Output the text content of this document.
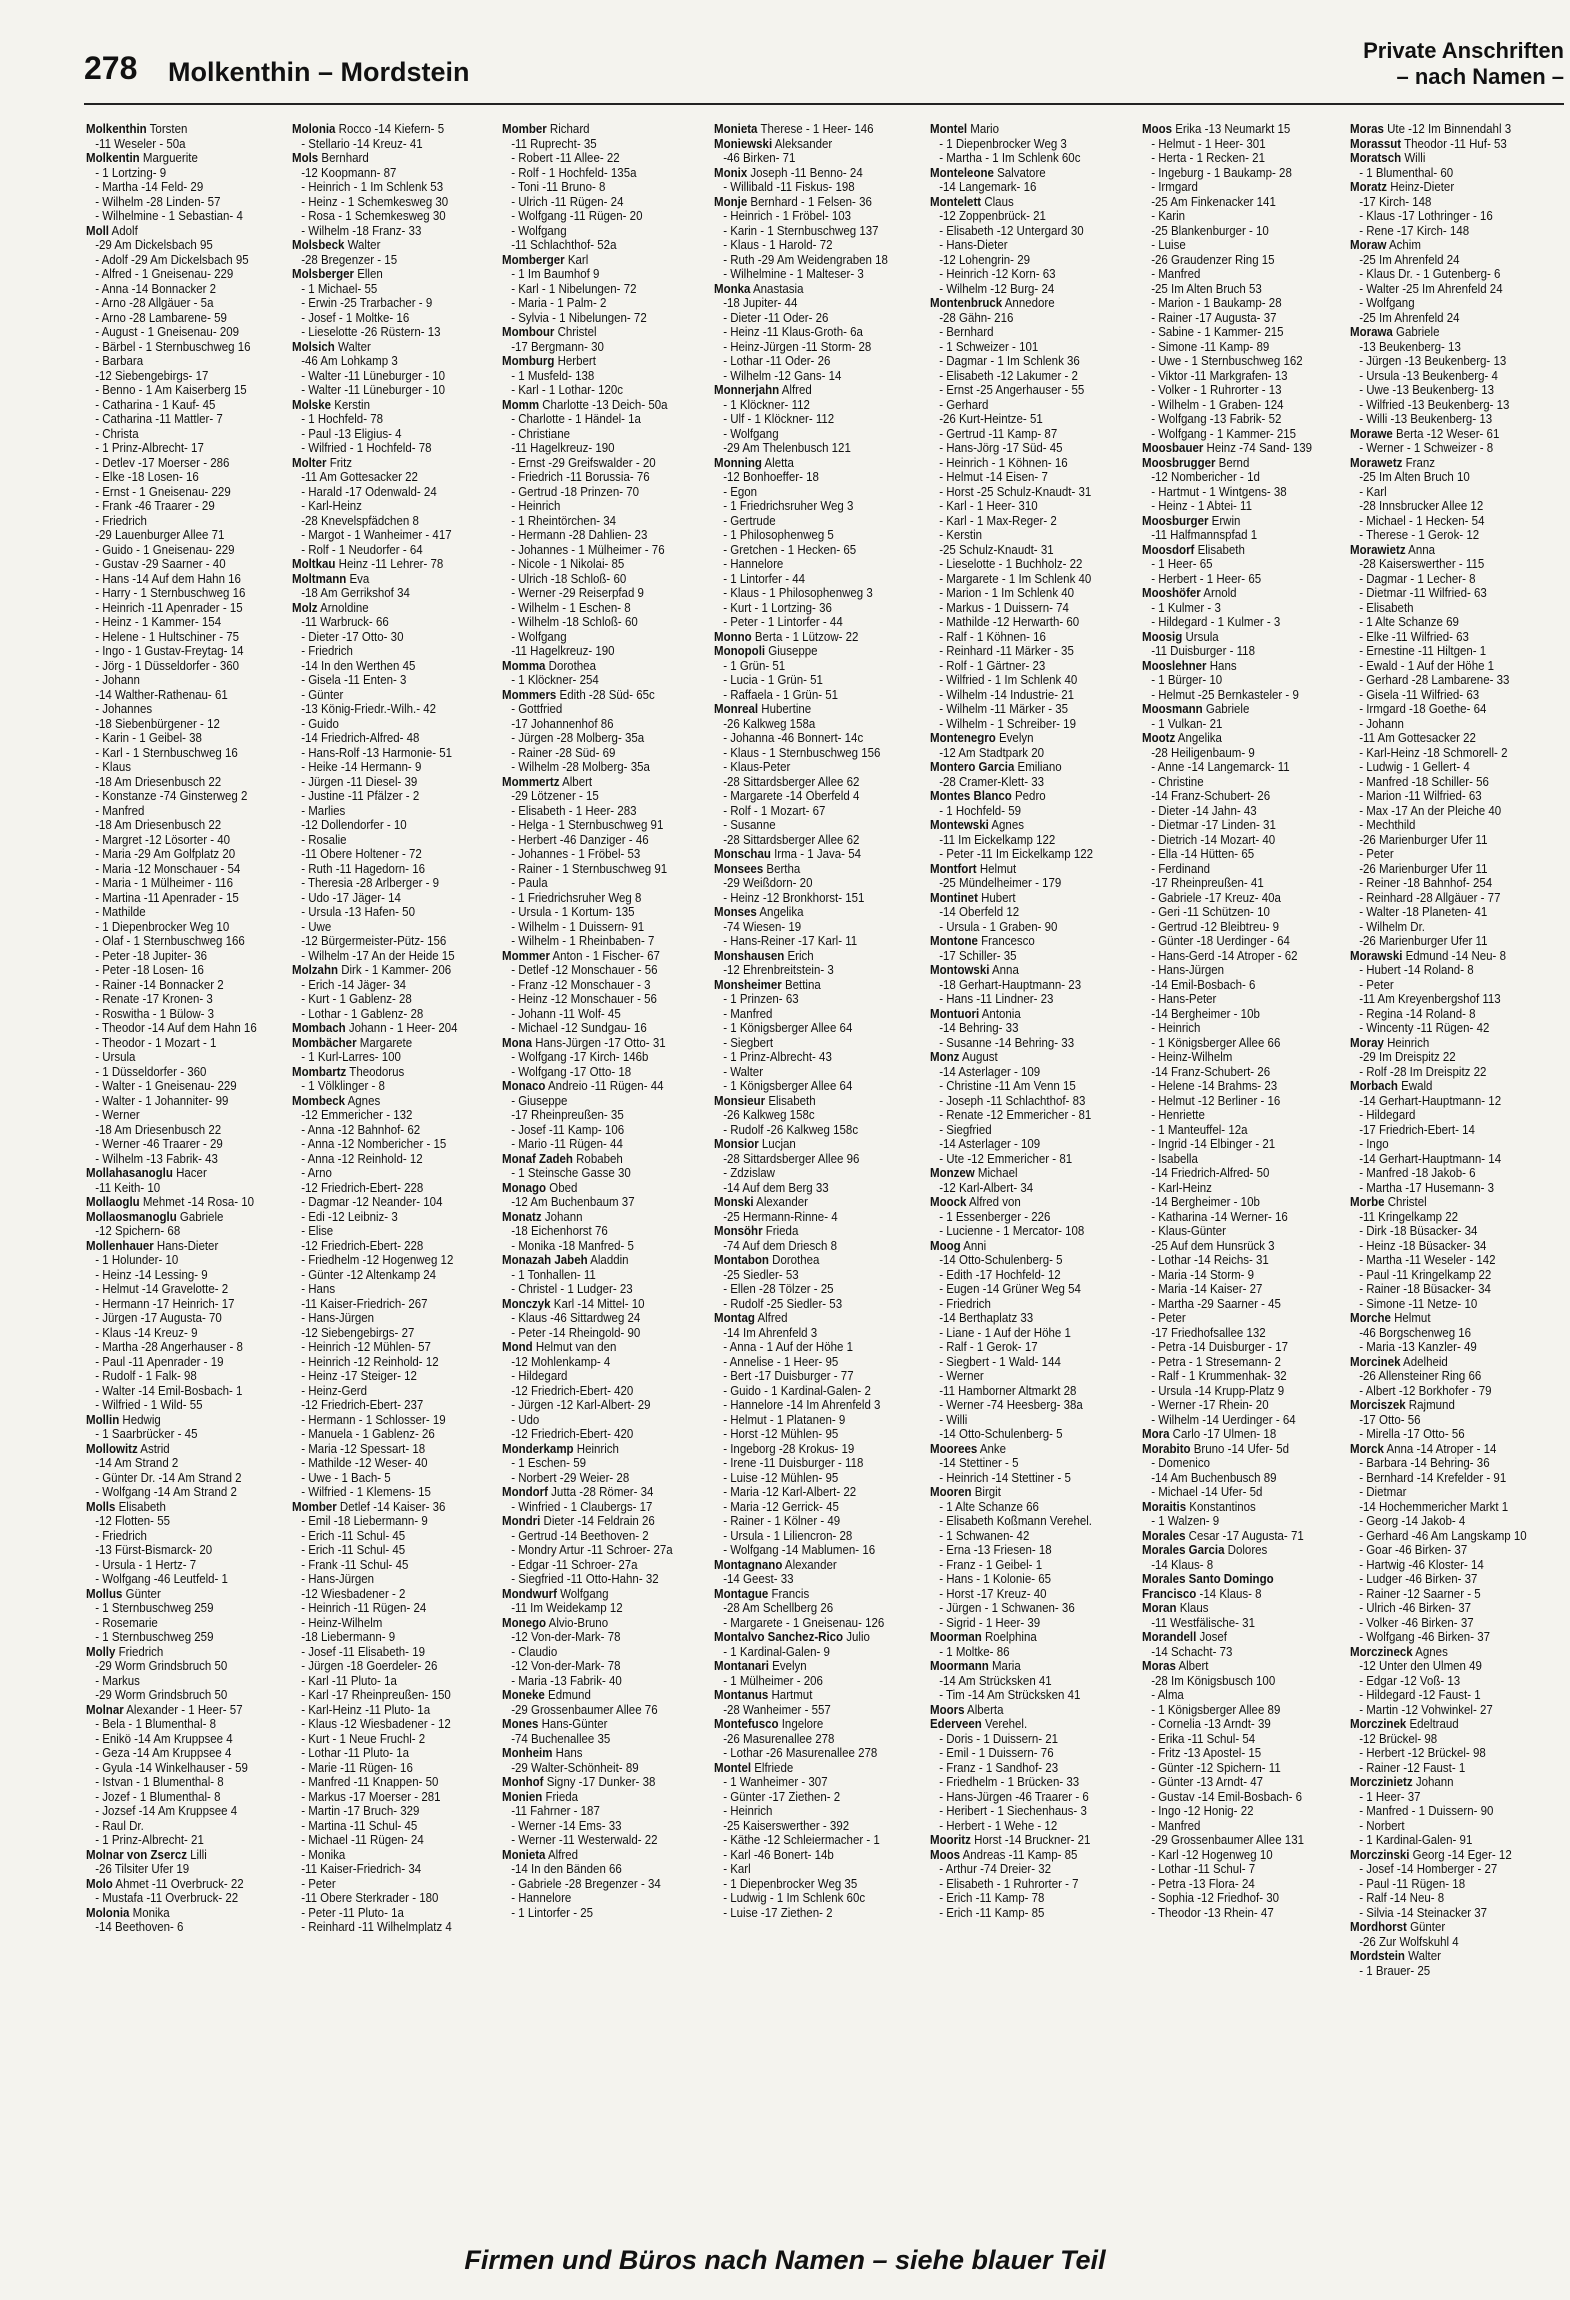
278 Molkenthin – Mordstein
Private Anschriften
– nach Namen –
Molkenthin Torsten
-11 Weseler - 50a
Molkentin Marguerite
- 1 Lortzing- 9
- Martha -14 Feld- 29
- Wilhelm -28 Linden- 57
- Wilhelmine - 1 Sebastian- 4
Moll Adolf
-29 Am Dickelsbach 95
- Adolf -29 Am Dickelsbach 95
- Alfred - 1 Gneisenau- 229
- Anna -14 Bonnacker 2
- Arno -28 Allgäuer - 5a
- Arno -28 Lambarene- 59
- August - 1 Gneisenau- 209
- Bärbel - 1 Sternbuschweg 16
- Barbara
-12 Siebengebirgs- 17
- Benno - 1 Am Kaiserberg 15
- Catharina - 1 Kauf- 45
- Catharina -11 Mattler- 7
- Christa
- 1 Prinz-Albrecht- 17
- Detlev -17 Moerser - 286
- Elke -18 Losen- 16
- Ernst - 1 Gneisenau- 229
- Frank -46 Traarer - 29
- Friedrich
-29 Lauenburger Allee 71
- Guido - 1 Gneisenau- 229
- Gustav -29 Saarner - 40
- Hans -14 Auf dem Hahn 16
- Harry - 1 Sternbuschweg 16
- Heinrich -11 Apenrader - 15
- Heinz - 1 Kammer- 154
- Helene - 1 Hultschiner - 75
- Ingo - 1 Gustav-Freytag- 14
- Jörg - 1 Düsseldorfer - 360
- Johann
-14 Walther-Rathenau- 61
- Johannes
-18 Siebenbürgener - 12
- Karin - 1 Geibel- 38
- Karl - 1 Sternbuschweg 16
- Klaus
-18 Am Driesenbusch 22
- Konstanze -74 Ginsterweg 2
- Manfred
-18 Am Driesenbusch 22
- Margret -12 Lösorter - 40
- Maria -29 Am Golfplatz 20
- Maria -12 Monschauer - 54
- Maria - 1 Mülheimer - 116
- Martina -11 Apenrader - 15
- Mathilde
- 1 Diepenbrocker Weg 10
- Olaf - 1 Sternbuschweg 166
- Peter -18 Jupiter- 36
- Peter -18 Losen- 16
- Rainer -14 Bonnacker 2
- Renate -17 Kronen- 3
- Roswitha - 1 Bülow- 3
- Theodor -14 Auf dem Hahn 16
- Theodor - 1 Mozart - 1
- Ursula
- 1 Düsseldorfer - 360
- Walter - 1 Gneisenau- 229
- Walter - 1 Johanniter- 99
- Werner
-18 Am Driesenbusch 22
- Werner -46 Traarer - 29
- Wilhelm -13 Fabrik- 43
Mollahasanoglu Hacer
-11 Keith- 10
Mollaoglu Mehmet -14 Rosa- 10
Mollaosmanoglu Gabriele
-12 Spichern- 68
Mollenhauer Hans-Dieter
- 1 Holunder- 10
- Heinz -14 Lessing- 9
- Helmut -14 Gravelotte- 2
- Hermann -17 Heinrich- 17
- Jürgen -17 Augusta- 70
- Klaus -14 Kreuz- 9
- Martha -28 Angerhauser - 8
- Paul -11 Apenrader - 19
- Rudolf - 1 Falk- 98
- Walter -14 Emil-Bosbach- 1
- Wilfried - 1 Wild- 55
Mollin Hedwig
- 1 Saarbrücker - 45
Mollowitz Astrid
-14 Am Strand 2
- Günter Dr. -14 Am Strand 2
- Wolfgang -14 Am Strand 2
Molls Elisabeth
-12 Flotten- 55
- Friedrich
-13 Fürst-Bismarck- 20
- Ursula - 1 Hertz- 7
- Wolfgang -46 Leutfeld- 1
Mollus Günter
- 1 Sternbuschweg 259
- Rosemarie
- 1 Sternbuschweg 259
Molly Friedrich
-29 Worm Grindsbruch 50
- Markus
-29 Worm Grindsbruch 50
Molnar Alexander - 1 Heer- 57
- Bela - 1 Blumenthal- 8
- Enikö -14 Am Kruppsee 4
- Geza -14 Am Kruppsee 4
- Gyula -14 Winkelhauser - 59
- Istvan - 1 Blumenthal- 8
- Jozef - 1 Blumenthal- 8
- Jozsef -14 Am Kruppsee 4
- Raul Dr.
- 1 Prinz-Albrecht- 21
Molnar von Zsercz Lilli
-26 Tilsiter Ufer 19
Molo Ahmet -11 Overbruck- 22
- Mustafa -11 Overbruck- 22
Molonia Monika
-14 Beethoven- 6
Molonia Rocco -14 Kiefern- 5
- Stellario -14 Kreuz- 41
Mols Bernhard
-12 Koopmann- 87
- Heinrich - 1 Im Schlenk 53
- Heinz - 1 Schemkesweg 30
- Rosa - 1 Schemkesweg 30
- Wilhelm -18 Franz- 33
Molsbeck Walter
-28 Bregenzer - 15
Molsberger Ellen
- 1 Michael- 55
- Erwin -25 Trarbacher - 9
- Josef - 1 Moltke- 16
- Lieselotte -26 Rüstern- 13
Molsich Walter
-46 Am Lohkamp 3
- Walter -11 Lüneburger - 10
- Walter -11 Lüneburger - 10
Molske Kerstin
- 1 Hochfeld- 78
- Paul -13 Eligius- 4
- Wilfried - 1 Hochfeld- 78
Molter Fritz
-11 Am Gottesacker 22
- Harald -17 Odenwald- 24
- Karl-Heinz
-28 Knevelspfädchen 8
- Margot - 1 Wanheimer - 417
- Rolf - 1 Neudorfer - 64
Moltkau Heinz -11 Lehrer- 78
Moltmann Eva
-18 Am Gerrikshof 34
Molz Arnoldine
-11 Warbruck- 66
- Dieter -17 Otto- 30
- Friedrich
-14 In den Werthen 45
- Gisela -11 Enten- 3
- Günter
-13 König-Friedr.-Wilh.- 42
- Guido
-14 Friedrich-Alfred- 48
- Hans-Rolf -13 Harmonie- 51
- Heike -14 Hermann- 9
- Jürgen -11 Diesel- 39
- Justine -11 Pfälzer - 2
- Marlies
-12 Dollendorfer - 10
- Rosalie
-11 Obere Holtener - 72
- Ruth -11 Hagedorn- 16
- Theresia -28 Arlberger - 9
- Udo -17 Jäger- 14
- Ursula -13 Hafen- 50
- Uwe
-12 Bürgermeister-Pütz- 156
- Wilhelm -17 An der Heide 15
Molzahn Dirk - 1 Kammer- 206
- Erich -14 Jäger- 34
- Kurt - 1 Gablenz- 28
- Lothar - 1 Gablenz- 28
Mombach Johann - 1 Heer- 204
Mombächer Margarete
- 1 Kurl-Larres- 100
Mombartz Theodorus
- 1 Völklinger - 8
Mombeck Agnes
-12 Emmericher - 132
- Anna -12 Bahnhof- 62
- Anna -12 Nombericher - 15
- Anna -12 Reinhold- 12
- Arno
-12 Friedrich-Ebert- 228
- Dagmar -12 Neander- 104
- Edi -12 Leibniz- 3
- Elise
-12 Friedrich-Ebert- 228
- Friedhelm -12 Hogenweg 12
- Günter -12 Altenkamp 24
- Hans
-11 Kaiser-Friedrich- 267
- Hans-Jürgen
-12 Siebengebirgs- 27
- Heinrich -12 Mühlen- 57
- Heinrich -12 Reinhold- 12
- Heinz -17 Steiger- 12
- Heinz-Gerd
-12 Friedrich-Ebert- 237
- Hermann - 1 Schlosser- 19
- Manuela - 1 Gablenz- 26
- Maria -12 Spessart- 18
- Mathilde -12 Weser- 40
- Uwe - 1 Bach- 5
- Wilfried - 1 Klemens- 15
Momber Detlef -14 Kaiser- 36
- Emil -18 Liebermann- 9
- Erich -11 Schul- 45
- Erich -11 Schul- 45
- Frank -11 Schul- 45
- Hans-Jürgen
-12 Wiesbadener - 2
- Heinrich -11 Rügen- 24
- Heinz-Wilhelm
-18 Liebermann- 9
- Josef -11 Elisabeth- 19
- Jürgen -18 Goerdeler- 26
- Karl -11 Pluto- 1a
- Karl -17 Rheinpreußen- 150
- Karl-Heinz -11 Pluto- 1a
- Klaus -12 Wiesbadener - 12
- Kurt - 1 Neue Fruchl- 2
- Lothar -11 Pluto- 1a
- Marie -11 Rügen- 16
- Manfred -11 Knappen- 50
- Markus -17 Moerser - 281
- Martin -17 Bruch- 329
- Martina -11 Schul- 45
- Michael -11 Rügen- 24
- Monika
-11 Kaiser-Friedrich- 34
- Peter
-11 Obere Sterkrader - 180
- Peter -11 Pluto- 1a
- Reinhard -11 Wilhelmplatz 4
Momber Richard
-11 Ruprecht- 35
- Robert -11 Allee- 22
- Rolf - 1 Hochfeld- 135a
- Toni -11 Bruno- 8
- Ulrich -11 Rügen- 24
- Wolfgang -11 Rügen- 20
- Wolfgang
-11 Schlachthof- 52a
Momberger Karl
- 1 Im Baumhof 9
- Karl - 1 Nibelungen- 72
- Maria - 1 Palm- 2
- Sylvia - 1 Nibelungen- 72
Mombour Christel
-17 Bergmann- 30
Momburg Herbert
- 1 Musfeld- 138
- Karl - 1 Lothar- 120c
Momm Charlotte -13 Deich- 50a
- Charlotte - 1 Händel- 1a
- Christiane
-11 Hagelkreuz- 190
- Ernst -29 Greifswalder - 20
- Friedrich -11 Borussia- 76
- Gertrud -18 Prinzen- 70
- Heinrich
- 1 Rheintörchen- 34
- Hermann -28 Dahlien- 23
- Johannes - 1 Mülheimer - 76
- Nicole - 1 Nikolai- 85
- Ulrich -18 Schloß- 60
- Werner -29 Reiserpfad 9
- Wilhelm - 1 Eschen- 8
- Wilhelm -18 Schloß- 60
- Wolfgang
-11 Hagelkreuz- 190
Momma Dorothea
- 1 Klöckner- 254
Mommers Edith -28 Süd- 65c
- Gottfried
-17 Johannenhof 86
- Jürgen -28 Molberg- 35a
- Rainer -28 Süd- 69
- Wilhelm -28 Molberg- 35a
Mommertz Albert
-29 Lötzener - 15
- Elisabeth - 1 Heer- 283
- Helga - 1 Sternbuschweg 91
- Herbert -46 Danziger - 46
- Johannes - 1 Fröbel- 53
- Rainer - 1 Sternbuschweg 91
- Paula
- 1 Friedrichsruher Weg 8
- Ursula - 1 Kortum- 135
- Wilhelm - 1 Duissern- 91
- Wilhelm - 1 Rheinbaben- 7
Mommer Anton - 1 Fischer- 67
- Detlef -12 Monschauer - 56
- Franz -12 Monschauer - 3
- Heinz -12 Monschauer - 56
- Johann -11 Wolf- 45
- Michael -12 Sundgau- 16
Mona Hans-Jürgen -17 Otto- 31
- Wolfgang -17 Kirch- 146b
- Wolfgang -17 Otto- 18
Monaco Andreio -11 Rügen- 44
- Giuseppe
-17 Rheinpreußen- 35
- Josef -11 Kamp- 106
- Mario -11 Rügen- 44
Monaf Zadeh Robabeh
- 1 Steinsche Gasse 30
Monago Obed
-12 Am Buchenbaum 37
Monatz Johann
-18 Eichenhorst 76
- Monika -18 Manfred- 5
Monazah Jabeh Aladdin
- 1 Tonhallen- 11
- Christel - 1 Ludger- 23
Monczyk Karl -14 Mittel- 10
- Klaus -46 Sittardweg 24
- Peter -14 Rheingold- 90
Mond Helmut van den
-12 Mohlenkamp- 4
- Hildegard
-12 Friedrich-Ebert- 420
- Jürgen -12 Karl-Albert- 29
- Udo
-12 Friedrich-Ebert- 420
Monderkamp Heinrich
- 1 Eschen- 59
- Norbert -29 Weier- 28
Mondorf Jutta -28 Römer- 34
- Winfried - 1 Claubergs- 17
Mondri Dieter -14 Feldrain 26
- Gertrud -14 Beethoven- 2
- Mondry Artur -11 Schroer- 27a
- Edgar -11 Schroer- 27a
- Siegfried -11 Otto-Hahn- 32
Mondwurf Wolfgang
-11 Im Weidekamp 12
Monego Alvio-Bruno
-12 Von-der-Mark- 78
- Claudio
-12 Von-der-Mark- 78
- Maria -13 Fabrik- 40
Moneke Edmund
-29 Grossenbaumer Allee 76
Mones Hans-Günter
-74 Buchenallee 35
Monheim Hans
-29 Walter-Schönheit- 89
Monhof Signy -17 Dunker- 38
Monien Frieda
-11 Fahrner - 187
- Werner -14 Ems- 33
- Werner -11 Westerwald- 22
Monieta Alfred
-14 In den Bänden 66
- Gabriele -28 Bregenzer - 34
- Hannelore
- 1 Lintorfer - 25
Monieta Therese - 1 Heer- 146
Moniewski Aleksander
-46 Birken- 71
Monix Joseph -11 Benno- 24
- Willibald -11 Fiskus- 198
Monje Bernhard - 1 Felsen- 36
- Heinrich - 1 Fröbel- 103
- Karin - 1 Sternbuschweg 137
- Klaus - 1 Harold- 72
- Ruth -29 Am Weidengraben 18
- Wilhelmine - 1 Malteser- 3
Monka Anastasia
-18 Jupiter- 44
- Dieter -11 Oder- 26
- Heinz -11 Klaus-Groth- 6a
- Heinz-Jürgen -11 Storm- 28
- Lothar -11 Oder- 26
- Wilhelm -12 Gans- 14
Monnerjahn Alfred
- 1 Klöckner- 112
- Ulf - 1 Klöckner- 112
- Wolfgang
-29 Am Thelenbusch 121
Monning Aletta
-12 Bonhoeffer- 18
- Egon
- 1 Friedrichsruher Weg 3
- Gertrude
- 1 Philosophenweg 5
- Gretchen - 1 Hecken- 65
- Hannelore
- 1 Lintorfer - 44
- Klaus - 1 Philosophenweg 3
- Kurt - 1 Lortzing- 36
- Peter - 1 Lintorfer - 44
Monno Berta - 1 Lützow- 22
Monopoli Giuseppe
- 1 Grün- 51
- Lucia - 1 Grün- 51
- Raffaela - 1 Grün- 51
Monreal Hubertine
-26 Kalkweg 158a
- Johanna -46 Bonnert- 14c
- Klaus - 1 Sternbuschweg 156
- Klaus-Peter
-28 Sittardsberger Allee 62
- Margarete -14 Oberfeld 4
- Rolf - 1 Mozart- 67
- Susanne
-28 Sittardsberger Allee 62
Monschau Irma - 1 Java- 54
Monsees Bertha
-29 Weißdorn- 20
- Heinz -12 Bronkhorst- 151
Monses Angelika
-74 Wiesen- 19
- Hans-Reiner -17 Karl- 11
Monshausen Erich
-12 Ehrenbreitstein- 3
Monsheimer Bettina
- 1 Prinzen- 63
- Manfred
- 1 Königsberger Allee 64
- Siegbert
- 1 Prinz-Albrecht- 43
- Walter
- 1 Königsberger Allee 64
Monsieur Elisabeth
-26 Kalkweg 158c
- Rudolf -26 Kalkweg 158c
Monsior Lucjan
-28 Sittardsberger Allee 96
- Zdzislaw
-14 Auf dem Berg 33
Monski Alexander
-25 Hermann-Rinne- 4
Monsöhr Frieda
-74 Auf dem Driesch 8
Montabon Dorothea
-25 Siedler- 53
- Ellen -28 Tölzer - 25
- Rudolf -25 Siedler- 53
Montag Alfred
-14 Im Ahrenfeld 3
- Anna - 1 Auf der Höhe 1
- Annelise - 1 Heer- 95
- Bert -17 Duisburger - 77
- Guido - 1 Kardinal-Galen- 2
- Hannelore -14 Im Ahrenfeld 3
- Helmut - 1 Platanen- 9
- Horst -12 Mühlen- 95
- Ingeborg -28 Krokus- 19
- Irene -11 Duisburger - 118
- Luise -12 Mühlen- 95
- Maria -12 Karl-Albert- 22
- Maria -12 Gerrick- 45
- Rainer - 1 Kölner - 49
- Ursula - 1 Liliencron- 28
- Wolfgang -14 Mablumen- 16
Montagnano Alexander
-14 Geest- 33
Montague Francis
-28 Am Schellberg 26
- Margarete - 1 Gneisenau- 126
Montalvo Sanchez-Rico Julio
- 1 Kardinal-Galen- 9
Montanari Evelyn
- 1 Mülheimer - 206
Montanus Hartmut
-28 Wanheimer - 557
Montefusco Ingelore
-26 Masurenallee 278
- Lothar -26 Masurenallee 278
Montel Elfriede
- 1 Wanheimer - 307
- Günter -17 Ziethen- 2
- Heinrich
-25 Kaiserswerther - 392
- Käthe -12 Schleiermacher - 1
- Karl -46 Bonert- 14b
- Karl
- 1 Diepenbrocker Weg 35
- Ludwig - 1 Im Schlenk 60c
- Luise -17 Ziethen- 2
Montel Mario
- 1 Diepenbrocker Weg 3
- Martha - 1 Im Schlenk 60c
Monteleone Salvatore
-14 Langemark- 16
Montelett Claus
-12 Zoppenbrück- 21
- Elisabeth -12 Untergard 30
- Hans-Dieter
-12 Lohengrin- 29
- Heinrich -12 Korn- 63
- Wilhelm -12 Burg- 24
Montenbruck Annedore
-28 Gähn- 216
- Bernhard
- 1 Schweizer - 101
- Dagmar - 1 Im Schlenk 36
- Elisabeth -12 Lakumer - 2
- Ernst -25 Angerhauser - 55
- Gerhard
-26 Kurt-Heintze- 51
- Gertrud -11 Kamp- 87
- Hans-Jörg -17 Süd- 45
- Heinrich - 1 Köhnen- 16
- Helmut -14 Eisen- 7
- Horst -25 Schulz-Knaudt- 31
- Karl - 1 Heer- 310
- Karl - 1 Max-Reger- 2
- Kerstin
-25 Schulz-Knaudt- 31
- Lieselotte - 1 Buchholz- 22
- Margarete - 1 Im Schlenk 40
- Marion - 1 Im Schlenk 40
- Markus - 1 Duissern- 74
- Mathilde -12 Herwarth- 60
- Ralf - 1 Köhnen- 16
- Reinhard -11 Märker - 35
- Rolf - 1 Gärtner- 23
- Wilfried - 1 Im Schlenk 40
- Wilhelm -14 Industrie- 21
- Wilhelm -11 Märker - 35
- Wilhelm - 1 Schreiber- 19
Montenegro Evelyn
-12 Am Stadtpark 20
Montero Garcia Emiliano
-28 Cramer-Klett- 33
Montes Blanco Pedro
- 1 Hochfeld- 59
Montewski Agnes
-11 Im Eickelkamp 122
- Peter -11 Im Eickelkamp 122
Montfort Helmut
-25 Mündelheimer - 179
Montinet Hubert
-14 Oberfeld 12
- Ursula - 1 Graben- 90
Montone Francesco
-17 Schiller- 35
Montowski Anna
-18 Gerhart-Hauptmann- 23
- Hans -11 Lindner- 23
Montuori Antonia
-14 Behring- 33
- Susanne -14 Behring- 33
Monz August
-14 Asterlager - 109
- Christine -11 Am Venn 15
- Joseph -11 Schlachthof- 83
- Renate -12 Emmericher - 81
- Siegfried
-14 Asterlager - 109
- Ute -12 Emmericher - 81
Monzew Michael
-12 Karl-Albert- 34
Moock Alfred von
- 1 Essenberger - 226
- Lucienne - 1 Mercator- 108
Moog Anni
-14 Otto-Schulenberg- 5
- Edith -17 Hochfeld- 12
- Eugen -14 Grüner Weg 54
- Friedrich
-14 Berthaplatz 33
- Liane - 1 Auf der Höhe 1
- Ralf - 1 Gerok- 17
- Siegbert - 1 Wald- 144
- Werner
-11 Hamborner Altmarkt 28
- Werner -74 Heesberg- 38a
- Willi
-14 Otto-Schulenberg- 5
Moorees Anke
-14 Stettiner - 5
- Heinrich -14 Stettiner - 5
Mooren Birgit
- 1 Alte Schanze 66
- Elisabeth Koßmann Verehel.
- 1 Schwanen- 42
- Erna -13 Friesen- 18
- Franz - 1 Geibel- 1
- Hans - 1 Kolonie- 65
- Horst -17 Kreuz- 40
- Jürgen - 1 Schwanen- 36
- Sigrid - 1 Heer- 39
Moorman Roelphina
- 1 Moltke- 86
Moormann Maria
-14 Am Strücksken 41
- Tim -14 Am Strücksken 41
Moors Alberta
Ederveen Verehel.
- Doris - 1 Duissern- 21
- Emil - 1 Duissern- 76
- Franz - 1 Sandhof- 23
- Friedhelm - 1 Brücken- 33
- Hans-Jürgen -46 Traarer - 6
- Heribert - 1 Siechenhaus- 3
- Herbert - 1 Wehe - 12
Mooritz Horst -14 Bruckner- 21
Moos Andreas -11 Kamp- 85
- Arthur -74 Dreier- 32
- Elisabeth - 1 Ruhrorter - 7
- Erich -11 Kamp- 78
- Erich -11 Kamp- 85
Moos Erika -13 Neumarkt 15
- Helmut - 1 Heer- 301
- Herta - 1 Recken- 21
- Ingeburg - 1 Baukamp- 28
- Irmgard
-25 Am Finkenacker 141
- Karin
-25 Blankenburger - 10
- Luise
-26 Graudenzer Ring 15
- Manfred
-25 Im Alten Bruch 53
- Marion - 1 Baukamp- 28
- Rainer -17 Augusta- 37
- Sabine - 1 Kammer- 215
- Simone -11 Kamp- 89
- Uwe - 1 Sternbuschweg 162
- Viktor -11 Markgrafen- 13
- Volker - 1 Ruhrorter - 13
- Wilhelm - 1 Graben- 124
- Wolfgang -13 Fabrik- 52
- Wolfgang - 1 Kammer- 215
Moosbauer Heinz -74 Sand- 139
Moosbrugger Bernd
-12 Nombericher - 1d
- Hartmut - 1 Wintgens- 38
- Heinz - 1 Abtei- 11
Moosburger Erwin
-11 Halfmannspfad 1
Moosdorf Elisabeth
- 1 Heer- 65
- Herbert - 1 Heer- 65
Mooshöfer Arnold
- 1 Kulmer - 3
- Hildegard - 1 Kulmer - 3
Moosig Ursula
-11 Duisburger - 118
Mooslehner Hans
- 1 Bürger- 10
- Helmut -25 Bernkasteler - 9
Moosmann Gabriele
- 1 Vulkan- 21
Mootz Angelika
-28 Heiligenbaum- 9
- Anne -14 Langemarck- 11
- Christine
-14 Franz-Schubert- 26
- Dieter -14 Jahn- 43
- Dietmar -17 Linden- 31
- Dietrich -14 Mozart- 40
- Ella -14 Hütten- 65
- Ferdinand
-17 Rheinpreußen- 41
- Gabriele -17 Kreuz- 40a
- Geri -11 Schützen- 10
- Gertrud -12 Bleibtreu- 9
- Günter -18 Uerdinger - 64
- Hans-Gerd -14 Atroper - 62
- Hans-Jürgen
-14 Emil-Bosbach- 6
- Hans-Peter
-14 Bergheimer - 10b
- Heinrich
- 1 Königsberger Allee 66
- Heinz-Wilhelm
-14 Franz-Schubert- 26
- Helene -14 Brahms- 23
- Helmut -12 Berliner - 16
- Henriette
- 1 Manteuffel- 12a
- Ingrid -14 Elbinger - 21
- Isabella
-14 Friedrich-Alfred- 50
- Karl-Heinz
-14 Bergheimer - 10b
- Katharina -14 Werner- 16
- Klaus-Günter
-25 Auf dem Hunsrück 3
- Lothar -14 Reichs- 31
- Maria -14 Storm- 9
- Maria -14 Kaiser- 27
- Martha -29 Saarner - 45
- Peter
-17 Friedhofsallee 132
- Petra -14 Duisburger - 17
- Petra - 1 Stresemann- 2
- Ralf - 1 Krummenhak- 32
- Ursula -14 Krupp-Platz 9
- Werner -17 Rhein- 20
- Wilhelm -14 Uerdinger - 64
Mora Carlo -17 Ulmen- 18
Morabito Bruno -14 Ufer- 5d
- Domenico
-14 Am Buchenbusch 89
- Michael -14 Ufer- 5d
Moraitis Konstantinos
- 1 Walzen- 9
Morales Cesar -17 Augusta- 71
Morales Garcia Dolores
-14 Klaus- 8
Morales Santo Domingo
Francisco -14 Klaus- 8
Moran Klaus
-11 Westfälische- 31
Morandell Josef
-14 Schacht- 73
Moras Albert
-28 Im Königsbusch 100
- Alma
- 1 Königsberger Allee 89
- Cornelia -13 Arndt- 39
- Erika -11 Schul- 54
- Fritz -13 Apostel- 15
- Günter -12 Spichern- 11
- Günter -13 Arndt- 47
- Gustav -14 Emil-Bosbach- 6
- Ingo -12 Honig- 22
- Manfred
-29 Grossenbaumer Allee 131
- Karl -12 Hogenweg 10
- Lothar -11 Schul- 7
- Petra -13 Flora- 24
- Sophia -12 Friedhof- 30
- Theodor -13 Rhein- 47
Moras Ute -12 Im Binnendahl 3
Morassut Theodor -11 Huf- 53
Moratsch Willi
- 1 Blumenthal- 60
Moratz Heinz-Dieter
-17 Kirch- 148
- Klaus -17 Lothringer - 16
- Rene -17 Kirch- 148
Moraw Achim
-25 Im Ahrenfeld 24
- Klaus Dr. - 1 Gutenberg- 6
- Walter -25 Im Ahrenfeld 24
- Wolfgang
-25 Im Ahrenfeld 24
Morawa Gabriele
-13 Beukenberg- 13
- Jürgen -13 Beukenberg- 13
- Ursula -13 Beukenberg- 4
- Uwe -13 Beukenberg- 13
- Wilfried -13 Beukenberg- 13
- Willi -13 Beukenberg- 13
Morawe Berta -12 Weser- 61
- Werner - 1 Schweizer - 8
Morawetz Franz
-25 Im Alten Bruch 10
- Karl
-28 Innsbrucker Allee 12
- Michael - 1 Hecken- 54
- Therese - 1 Gerok- 12
Morawietz Anna
-28 Kaiserswerther - 115
- Dagmar - 1 Lecher- 8
- Dietmar -11 Wilfried- 63
- Elisabeth
- 1 Alte Schanze 69
- Elke -11 Wilfried- 63
- Ernestine -11 Hiltgen- 1
- Ewald - 1 Auf der Höhe 1
- Gerhard -28 Lambarene- 33
- Gisela -11 Wilfried- 63
- Irmgard -18 Goethe- 64
- Johann
-11 Am Gottesacker 22
- Karl-Heinz -18 Schmorell- 2
- Ludwig - 1 Gellert- 4
- Manfred -18 Schiller- 56
- Marion -11 Wilfried- 63
- Max -17 An der Pleiche 40
- Mechthild
-26 Marienburger Ufer 11
- Peter
-26 Marienburger Ufer 11
- Reiner -18 Bahnhof- 254
- Reinhard -28 Allgäuer - 77
- Walter -18 Planeten- 41
- Wilhelm Dr.
-26 Marienburger Ufer 11
Morawski Edmund -14 Neu- 8
- Hubert -14 Roland- 8
- Peter
-11 Am Kreyenbergshof 113
- Regina -14 Roland- 8
- Wincenty -11 Rügen- 42
Moray Heinrich
-29 Im Dreispitz 22
- Rolf -28 Im Dreispitz 22
Morbach Ewald
-14 Gerhart-Hauptmann- 12
- Hildegard
-17 Friedrich-Ebert- 14
- Ingo
-14 Gerhart-Hauptmann- 14
- Manfred -18 Jakob- 6
- Martha -17 Husemann- 3
Morbe Christel
-11 Kringelkamp 22
- Dirk -18 Büsacker- 34
- Heinz -18 Büsacker- 34
- Martha -11 Weseler - 142
- Paul -11 Kringelkamp 22
- Rainer -18 Büsacker- 34
- Simone -11 Netze- 10
Morche Helmut
-46 Borgschenweg 16
- Maria -13 Kanzler- 49
Morcinek Adelheid
-26 Allensteiner Ring 66
- Albert -12 Borkhofer - 79
Morciszek Rajmund
-17 Otto- 56
- Mirella -17 Otto- 56
Morck Anna -14 Atroper - 14
- Barbara -14 Behring- 36
- Bernhard -14 Krefelder - 91
- Dietmar
-14 Hochemmericher Markt 1
- Georg -14 Jakob- 4
- Gerhard -46 Am Langskamp 10
- Goar -46 Birken- 37
- Hartwig -46 Kloster- 14
- Ludger -46 Birken- 37
- Rainer -12 Saarner - 5
- Ulrich -46 Birken- 37
- Volker -46 Birken- 37
- Wolfgang -46 Birken- 37
Morczineck Agnes
-12 Unter den Ulmen 49
- Edgar -12 Voß- 13
- Hildegard -12 Faust- 1
- Martin -12 Vohwinkel- 27
Morczinek Edeltraud
-12 Brückel- 98
- Herbert -12 Brückel- 98
- Rainer -12 Faust- 1
Morczinietz Johann
- 1 Heer- 37
- Manfred - 1 Duissern- 90
- Norbert
- 1 Kardinal-Galen- 91
Morczinski Georg -14 Eger- 12
- Josef -14 Homberger - 27
- Paul -11 Rügen- 18
- Ralf -14 Neu- 8
- Silvia -14 Steinacker 37
Mordhorst Günter
-26 Zur Wolfskuhl 4
Mordstein Walter
- 1 Brauer- 25
Firmen und Büros nach Namen – siehe blauer Teil
